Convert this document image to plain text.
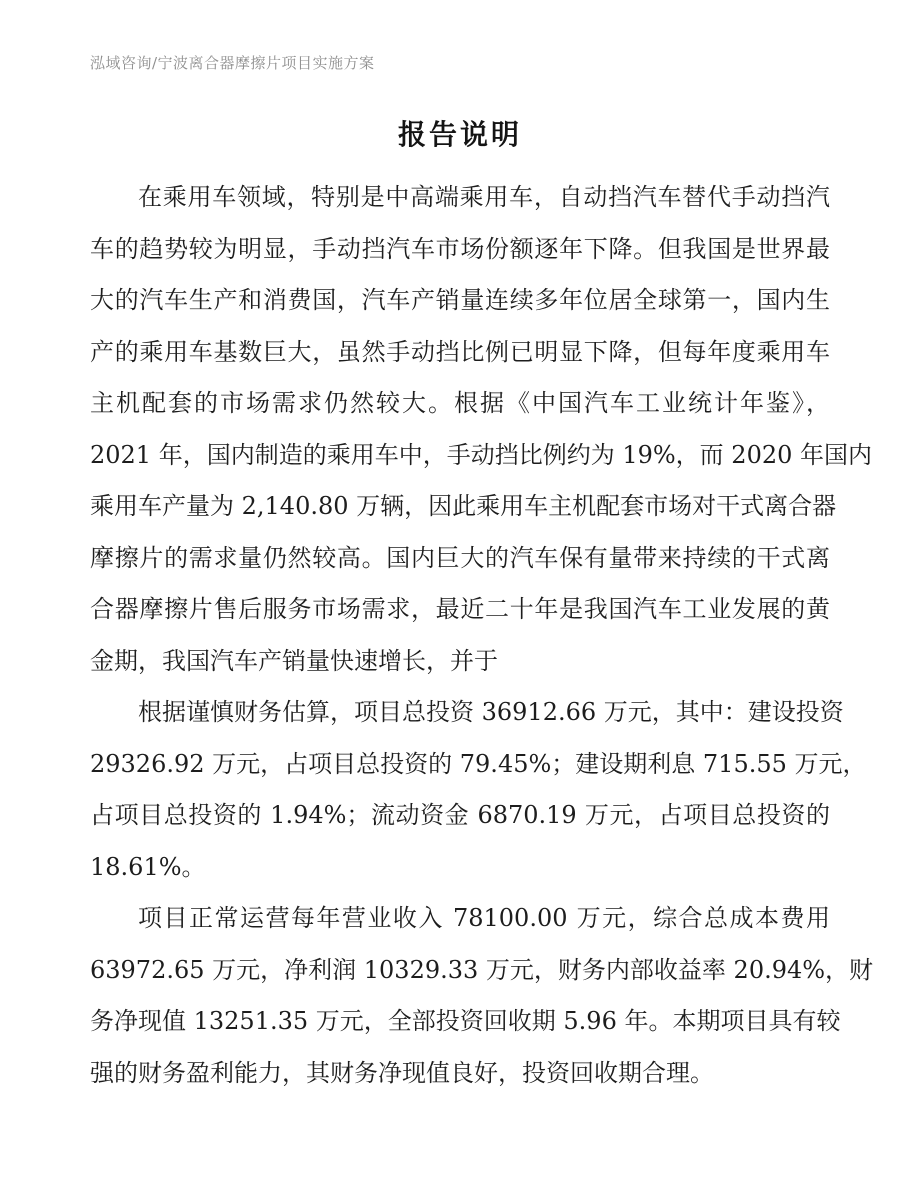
泓域咨询/宁波离合器摩擦片项目实施方案
报告说明
在乘用车领域，特别是中高端乘用车，自动挡汽车替代手动挡汽
车的趋势较为明显，手动挡汽车市场份额逐年下降。但我国是世界最
大的汽车生产和消费国，汽车产销量连续多年位居全球第一，国内生
产的乘用车基数巨大，虽然手动挡比例已明显下降，但每年度乘用车
主机配套的市场需求仍然较大。根据《中国汽车工业统计年鉴》，
2021 年，国内制造的乘用车中，手动挡比例约为 19%，而 2020 年国内
乘用车产量为 2,140.80 万辆，因此乘用车主机配套市场对干式离合器
摩擦片的需求量仍然较高。国内巨大的汽车保有量带来持续的干式离
合器摩擦片售后服务市场需求，最近二十年是我国汽车工业发展的黄
金期，我国汽车产销量快速增长，并于
根据谨慎财务估算，项目总投资 36912.66 万元，其中：建设投资
29326.92 万元，占项目总投资的 79.45%；建设期利息 715.55 万元，
占项目总投资的 1.94%；流动资金 6870.19 万元，占项目总投资的
18.61%。
项目正常运营每年营业收入 78100.00 万元，综合总成本费用
63972.65 万元，净利润 10329.33 万元，财务内部收益率 20.94%，财
务净现值 13251.35 万元，全部投资回收期 5.96 年。本期项目具有较
强的财务盈利能力，其财务净现值良好，投资回收期合理。
